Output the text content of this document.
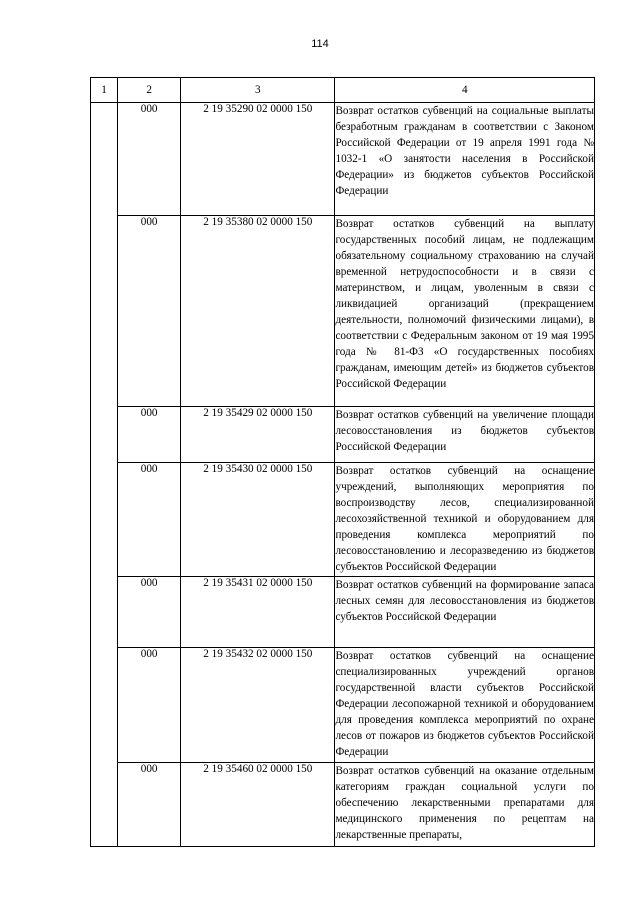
114
1	2	3	4
	000	2 19 35290 02 0000 150	Возврат остатков субвенций на социальные выплаты безработным гражданам в соответствии с Законом Российской Федерации от 19 апреля 1991 года № 1032-1 «О занятости населения в Российской Федерации» из бюджетов субъектов Российской Федерации
	000	2 19 35380 02 0000 150	Возврат остатков субвенций на выплату государственных пособий лицам, не подлежащим обязательному социальному страхованию на случай временной нетрудоспособности и в связи с материнством, и лицам, уволенным в связи с ликвидацией организаций (прекращением деятельности, полномочий физическими лицами), в соответствии с Федеральным законом от 19 мая 1995 года № 81-ФЗ «О государственных пособиях гражданам, имеющим детей» из бюджетов субъектов Российской Федерации
	000	2 19 35429 02 0000 150	Возврат остатков субвенций на увеличение площади лесовосстановления из бюджетов субъектов Российской Федерации
	000	2 19 35430 02 0000 150	Возврат остатков субвенций на оснащение учреждений, выполняющих мероприятия по воспроизводству лесов, специализированной лесохозяйственной техникой и оборудованием для проведения комплекса мероприятий по лесовосстановлению и лесоразведению из бюджетов субъектов Российской Федерации
	000	2 19 35431 02 0000 150	Возврат остатков субвенций на формирование запаса лесных семян для лесовосстановления из бюджетов субъектов Российской Федерации
	000	2 19 35432 02 0000 150	Возврат остатков субвенций на оснащение специализированных учреждений органов государственной власти субъектов Российской Федерации лесопожарной техникой и оборудованием для проведения комплекса мероприятий по охране лесов от пожаров из бюджетов субъектов Российской Федерации
	000	2 19 35460 02 0000 150	Возврат остатков субвенций на оказание отдельным категориям граждан социальной услуги по обеспечению лекарственными препаратами для медицинского применения по рецептам на лекарственные препараты,
